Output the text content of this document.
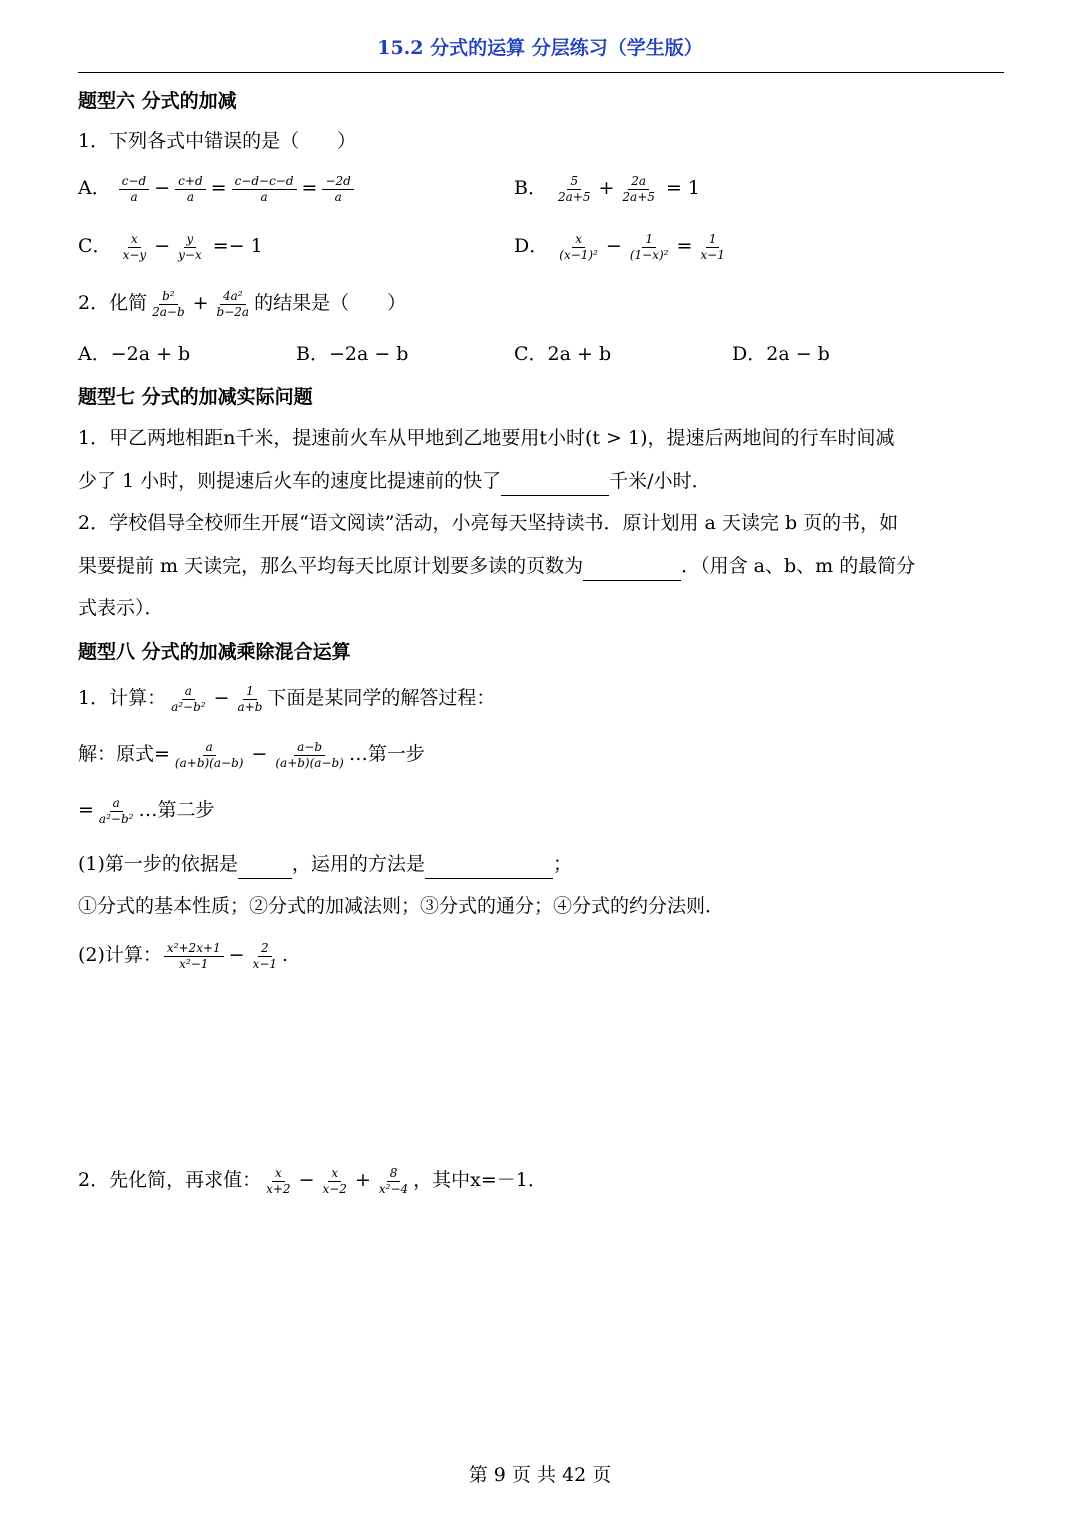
15.2 分式的运算 分层练习（学生版）
题型六 分式的加减
1．下列各式中错误的是（　　）
A． $\frac{c-d}{a} - \frac{c+d}{a} = \frac{c-d-c-d}{a} = \frac{-2d}{a}$	B． $\frac{5}{2a+5} + \frac{2a}{2a+5} = 1$
C． $\frac{x}{x-y} - \frac{y}{y-x} =- 1$	D． $\frac{x}{\text{(x−1)²}} - \frac{1}{\text{(1−x)²}} = \frac{1}{x-1}$
2．化简 $\frac{\text{b²}}{2a-b} + \frac{\text{4a²}}{b-2a}$ 的结果是（　　）
A．−2a + b	B．−2a − b	C．2a + b	D．2a − b
题型七 分式的加减实际问题
1．甲乙两地相距n千米，提速前火车从甲地到乙地要用t小时(t > 1)，提速后两地间的行车时间减
少了 1 小时，则提速后火车的速度比提速前的快了	千米/小时．
2．学校倡导全校师生开展“语文阅读”活动，小亮每天坚持读书．原计划用 a 天读完 b 页的书，如
果要提前 m 天读完，那么平均每天比原计划要多读的页数为	．（用含 a、b、m 的最简分
式表示）．
题型八 分式的加减乘除混合运算
1．计算： $\frac{a}{\text{a²−b²}} - \frac{1}{a+b}$ 下面是某同学的解答过程：
解：原式= $\frac{a}{(a+b)(a-b)} - \frac{a-b}{(a+b)(a-b)}$ …第一步
= $\frac{a}{\text{a²−b²}}$ …第二步
(1)第一步的依据是	，运用的方法是	；
①分式的基本性质；②分式的加减法则；③分式的通分；④分式的约分法则．
(2)计算： $\frac{\text{x²+2x+1}}{\text{x²−1}} - \frac{2}{x-1}$ .
2．先化简，再求值： $\frac{x}{x+2} - \frac{x}{x-2} + \frac{8}{\text{x²−4}}$ ，其中x=－1．
第 9 页 共 42 页
